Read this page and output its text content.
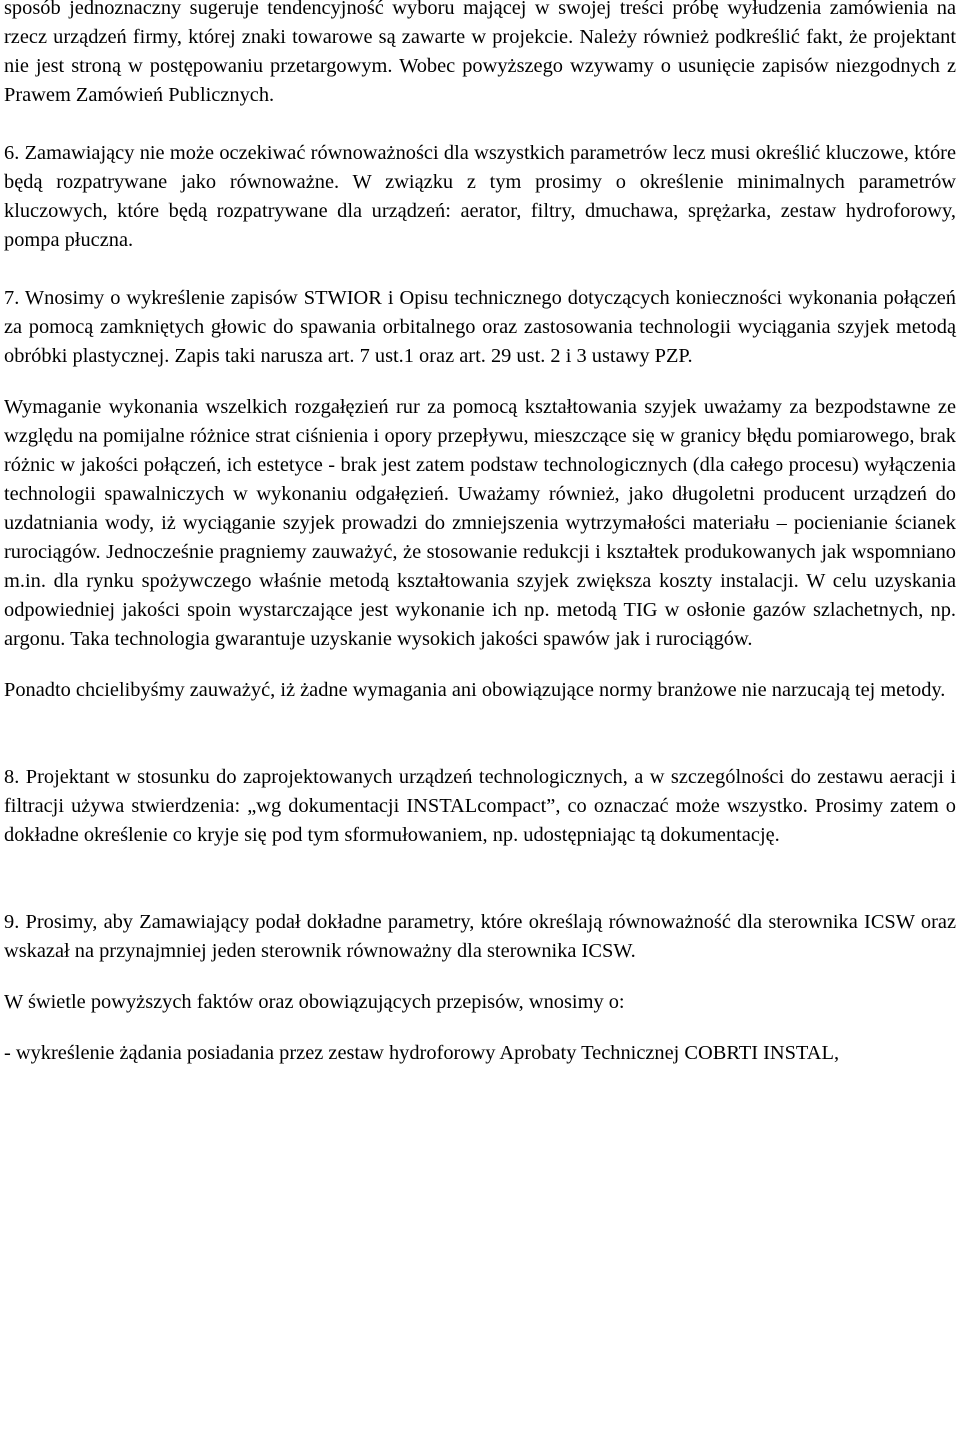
sposób jednoznaczny sugeruje tendencyjność wyboru mającej w swojej treści próbę wyłudzenia zamówienia na rzecz urządzeń firmy, której znaki towarowe są zawarte w projekcie. Należy również podkreślić fakt, że projektant nie jest stroną w postępowaniu przetargowym. Wobec powyższego wzywamy o usunięcie zapisów niezgodnych z Prawem Zamówień Publicznych.

6. Zamawiający nie może oczekiwać równoważności dla wszystkich parametrów lecz musi określić kluczowe, które będą rozpatrywane jako równoważne. W związku z tym prosimy o określenie minimalnych parametrów kluczowych, które będą rozpatrywane dla urządzeń: aerator, filtry, dmuchawa, sprężarka, zestaw hydroforowy, pompa płuczna.

7. Wnosimy o wykreślenie zapisów STWIOR i Opisu technicznego dotyczących konieczności wykonania połączeń za pomocą zamkniętych głowic do spawania orbitalnego oraz zastosowania technologii wyciągania szyjek metodą obróbki plastycznej. Zapis taki narusza art. 7 ust.1 oraz art. 29 ust. 2 i 3 ustawy PZP.

Wymaganie wykonania wszelkich rozgałęzień rur za pomocą kształtowania szyjek uważamy za bezpodstawne ze względu na pomijalne różnice strat ciśnienia i opory przepływu, mieszczące się w granicy błędu pomiarowego, brak różnic w jakości połączeń, ich estetyce - brak jest zatem podstaw technologicznych (dla całego procesu) wyłączenia technologii spawalniczych w wykonaniu odgałęzień. Uważamy również, jako długoletni producent urządzeń do uzdatniania wody, iż wyciąganie szyjek prowadzi do zmniejszenia wytrzymałości materiału – pocienianie ścianek rurociągów. Jednocześnie pragniemy zauważyć, że stosowanie redukcji i kształtek produkowanych jak wspomniano m.in. dla rynku spożywczego właśnie metodą kształtowania szyjek zwiększa koszty instalacji. W celu uzyskania odpowiedniej jakości spoin wystarczające jest wykonanie ich np. metodą TIG w osłonie gazów szlachetnych, np. argonu. Taka technologia gwarantuje uzyskanie wysokich jakości spawów jak i rurociągów.

Ponadto chcielibyśmy zauważyć, iż żadne wymagania ani obowiązujące normy branżowe nie narzucają tej metody.

8. Projektant w stosunku do zaprojektowanych urządzeń technologicznych, a w szczególności do zestawu aeracji i filtracji używa stwierdzenia: „wg dokumentacji INSTALcompact”, co oznaczać może wszystko. Prosimy zatem o dokładne określenie co kryje się pod tym sformułowaniem, np. udostępniając tą dokumentację.

9. Prosimy, aby Zamawiający podał dokładne parametry, które określają równoważność dla sterownika ICSW oraz wskazał na przynajmniej jeden sterownik równoważny dla sterownika ICSW.

W świetle powyższych faktów oraz obowiązujących przepisów, wnosimy o:

- wykreślenie żądania posiadania przez zestaw hydroforowy Aprobaty Technicznej COBRTI INSTAL,
